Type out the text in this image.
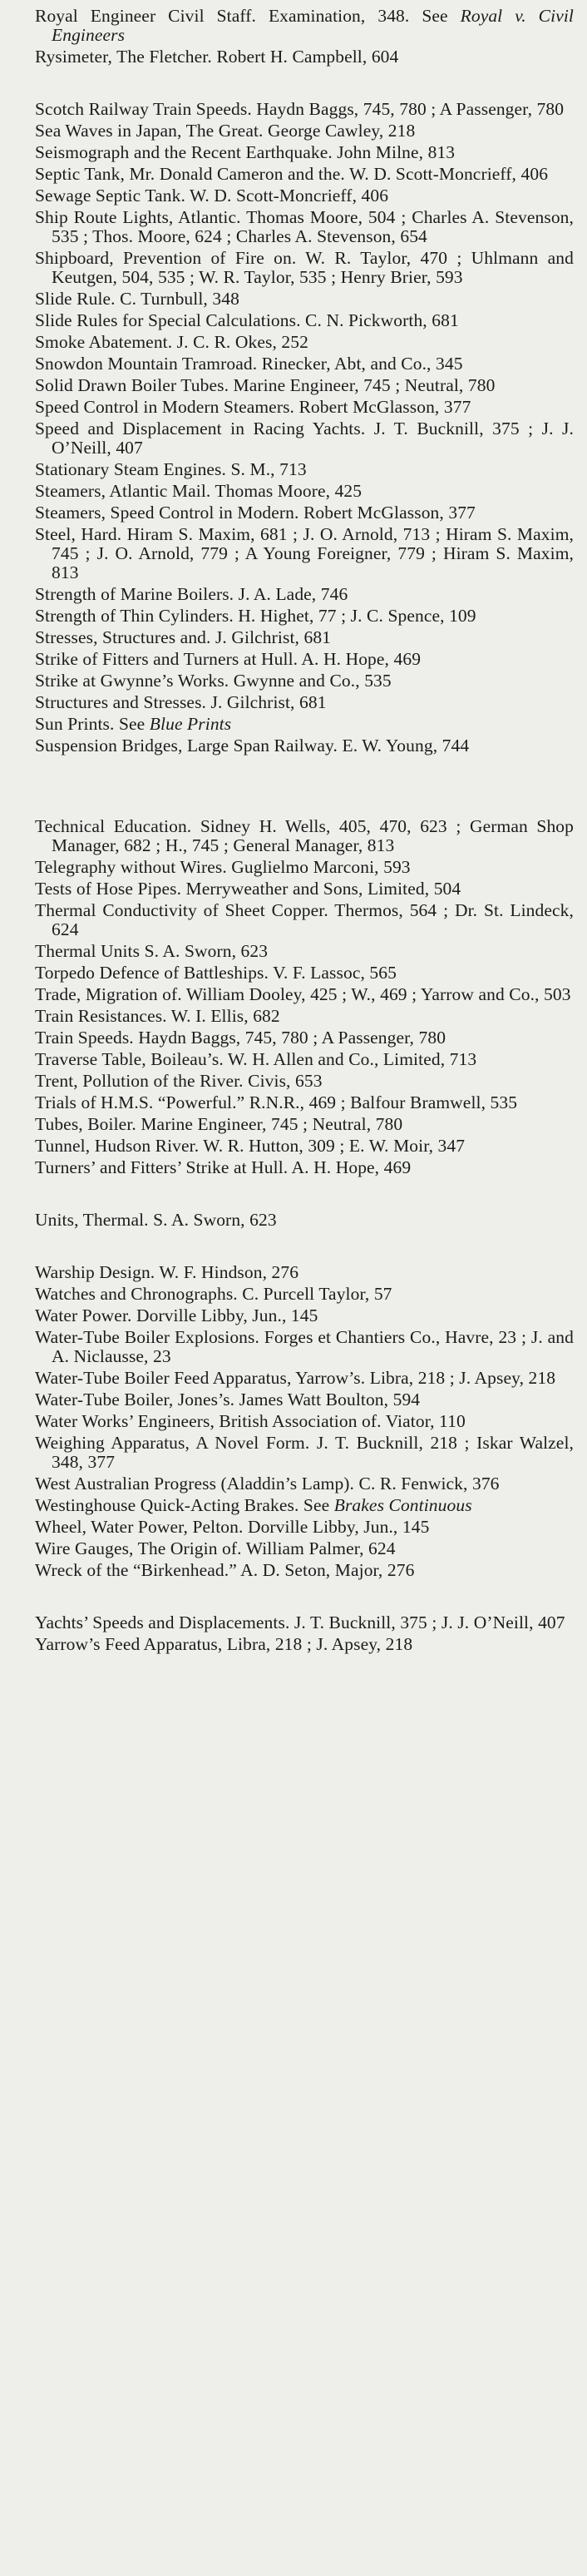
Royal Engineer Civil Staff. Examination, 348. See Royal v. Civil Engineers
Rysimeter, The Fletcher. Robert H. Campbell, 604
Scotch Railway Train Speeds. Haydn Baggs, 745, 780 ; A Passenger, 780
Sea Waves in Japan, The Great. George Cawley, 218
Seismograph and the Recent Earthquake. John Milne, 813
Septic Tank, Mr. Donald Cameron and the. W. D. Scott-Moncrieff, 406
Sewage Septic Tank. W. D. Scott-Moncrieff, 406
Ship Route Lights, Atlantic. Thomas Moore, 504 ; Charles A. Stevenson, 535 ; Thos. Moore, 624 ; Charles A. Stevenson, 654
Shipboard, Prevention of Fire on. W. R. Taylor, 470 ; Uhlmann and Keutgen, 504, 535 ; W. R. Taylor, 535 ; Henry Brier, 593
Slide Rule. C. Turnbull, 348
Slide Rules for Special Calculations. C. N. Pickworth, 681
Smoke Abatement. J. C. R. Okes, 252
Snowdon Mountain Tramroad. Rinecker, Abt, and Co., 345
Solid Drawn Boiler Tubes. Marine Engineer, 745 ; Neutral, 780
Speed Control in Modern Steamers. Robert McGlasson, 377
Speed and Displacement in Racing Yachts. J. T. Bucknill, 375 ; J. J. O’Neill, 407
Stationary Steam Engines. S. M., 713
Steamers, Atlantic Mail. Thomas Moore, 425
Steamers, Speed Control in Modern. Robert McGlasson, 377
Steel, Hard. Hiram S. Maxim, 681 ; J. O. Arnold, 713 ; Hiram S. Maxim, 745 ; J. O. Arnold, 779 ; A Young Foreigner, 779 ; Hiram S. Maxim, 813
Strength of Marine Boilers. J. A. Lade, 746
Strength of Thin Cylinders. H. Highet, 77 ; J. C. Spence, 109
Stresses, Structures and. J. Gilchrist, 681
Strike of Fitters and Turners at Hull. A. H. Hope, 469
Strike at Gwynne’s Works. Gwynne and Co., 535
Structures and Stresses. J. Gilchrist, 681
Sun Prints. See Blue Prints
Suspension Bridges, Large Span Railway. E. W. Young, 744
Technical Education. Sidney H. Wells, 405, 470, 623 ; German Shop Manager, 682 ; H., 745 ; General Manager, 813
Telegraphy without Wires. Guglielmo Marconi, 593
Tests of Hose Pipes. Merryweather and Sons, Limited, 504
Thermal Conductivity of Sheet Copper. Thermos, 564 ; Dr. St. Lindeck, 624
Thermal Units S. A. Sworn, 623
Torpedo Defence of Battleships. V. F. Lassoc, 565
Trade, Migration of. William Dooley, 425 ; W., 469 ; Yarrow and Co., 503
Train Resistances. W. I. Ellis, 682
Train Speeds. Haydn Baggs, 745, 780 ; A Passenger, 780
Traverse Table, Boileau’s. W. H. Allen and Co., Limited, 713
Trent, Pollution of the River. Civis, 653
Trials of H.M.S. “Powerful.” R.N.R., 469 ; Balfour Bramwell, 535
Tubes, Boiler. Marine Engineer, 745 ; Neutral, 780
Tunnel, Hudson River. W. R. Hutton, 309 ; E. W. Moir, 347
Turners’ and Fitters’ Strike at Hull. A. H. Hope, 469
Units, Thermal. S. A. Sworn, 623
Warship Design. W. F. Hindson, 276
Watches and Chronographs. C. Purcell Taylor, 57
Water Power. Dorville Libby, Jun., 145
Water-Tube Boiler Explosions. Forges et Chantiers Co., Havre, 23 ; J. and A. Niclausse, 23
Water-Tube Boiler Feed Apparatus, Yarrow’s. Libra, 218 ; J. Apsey, 218
Water-Tube Boiler, Jones’s. James Watt Boulton, 594
Water Works’ Engineers, British Association of. Viator, 110
Weighing Apparatus, A Novel Form. J. T. Bucknill, 218 ; Iskar Walzel, 348, 377
West Australian Progress (Aladdin’s Lamp). C. R. Fenwick, 376
Westinghouse Quick-Acting Brakes. See Brakes Continuous
Wheel, Water Power, Pelton. Dorville Libby, Jun., 145
Wire Gauges, The Origin of. William Palmer, 624
Wreck of the “Birkenhead.” A. D. Seton, Major, 276
Yachts’ Speeds and Displacements. J. T. Bucknill, 375 ; J. J. O’Neill, 407
Yarrow’s Feed Apparatus, Libra, 218 ; J. Apsey, 218
